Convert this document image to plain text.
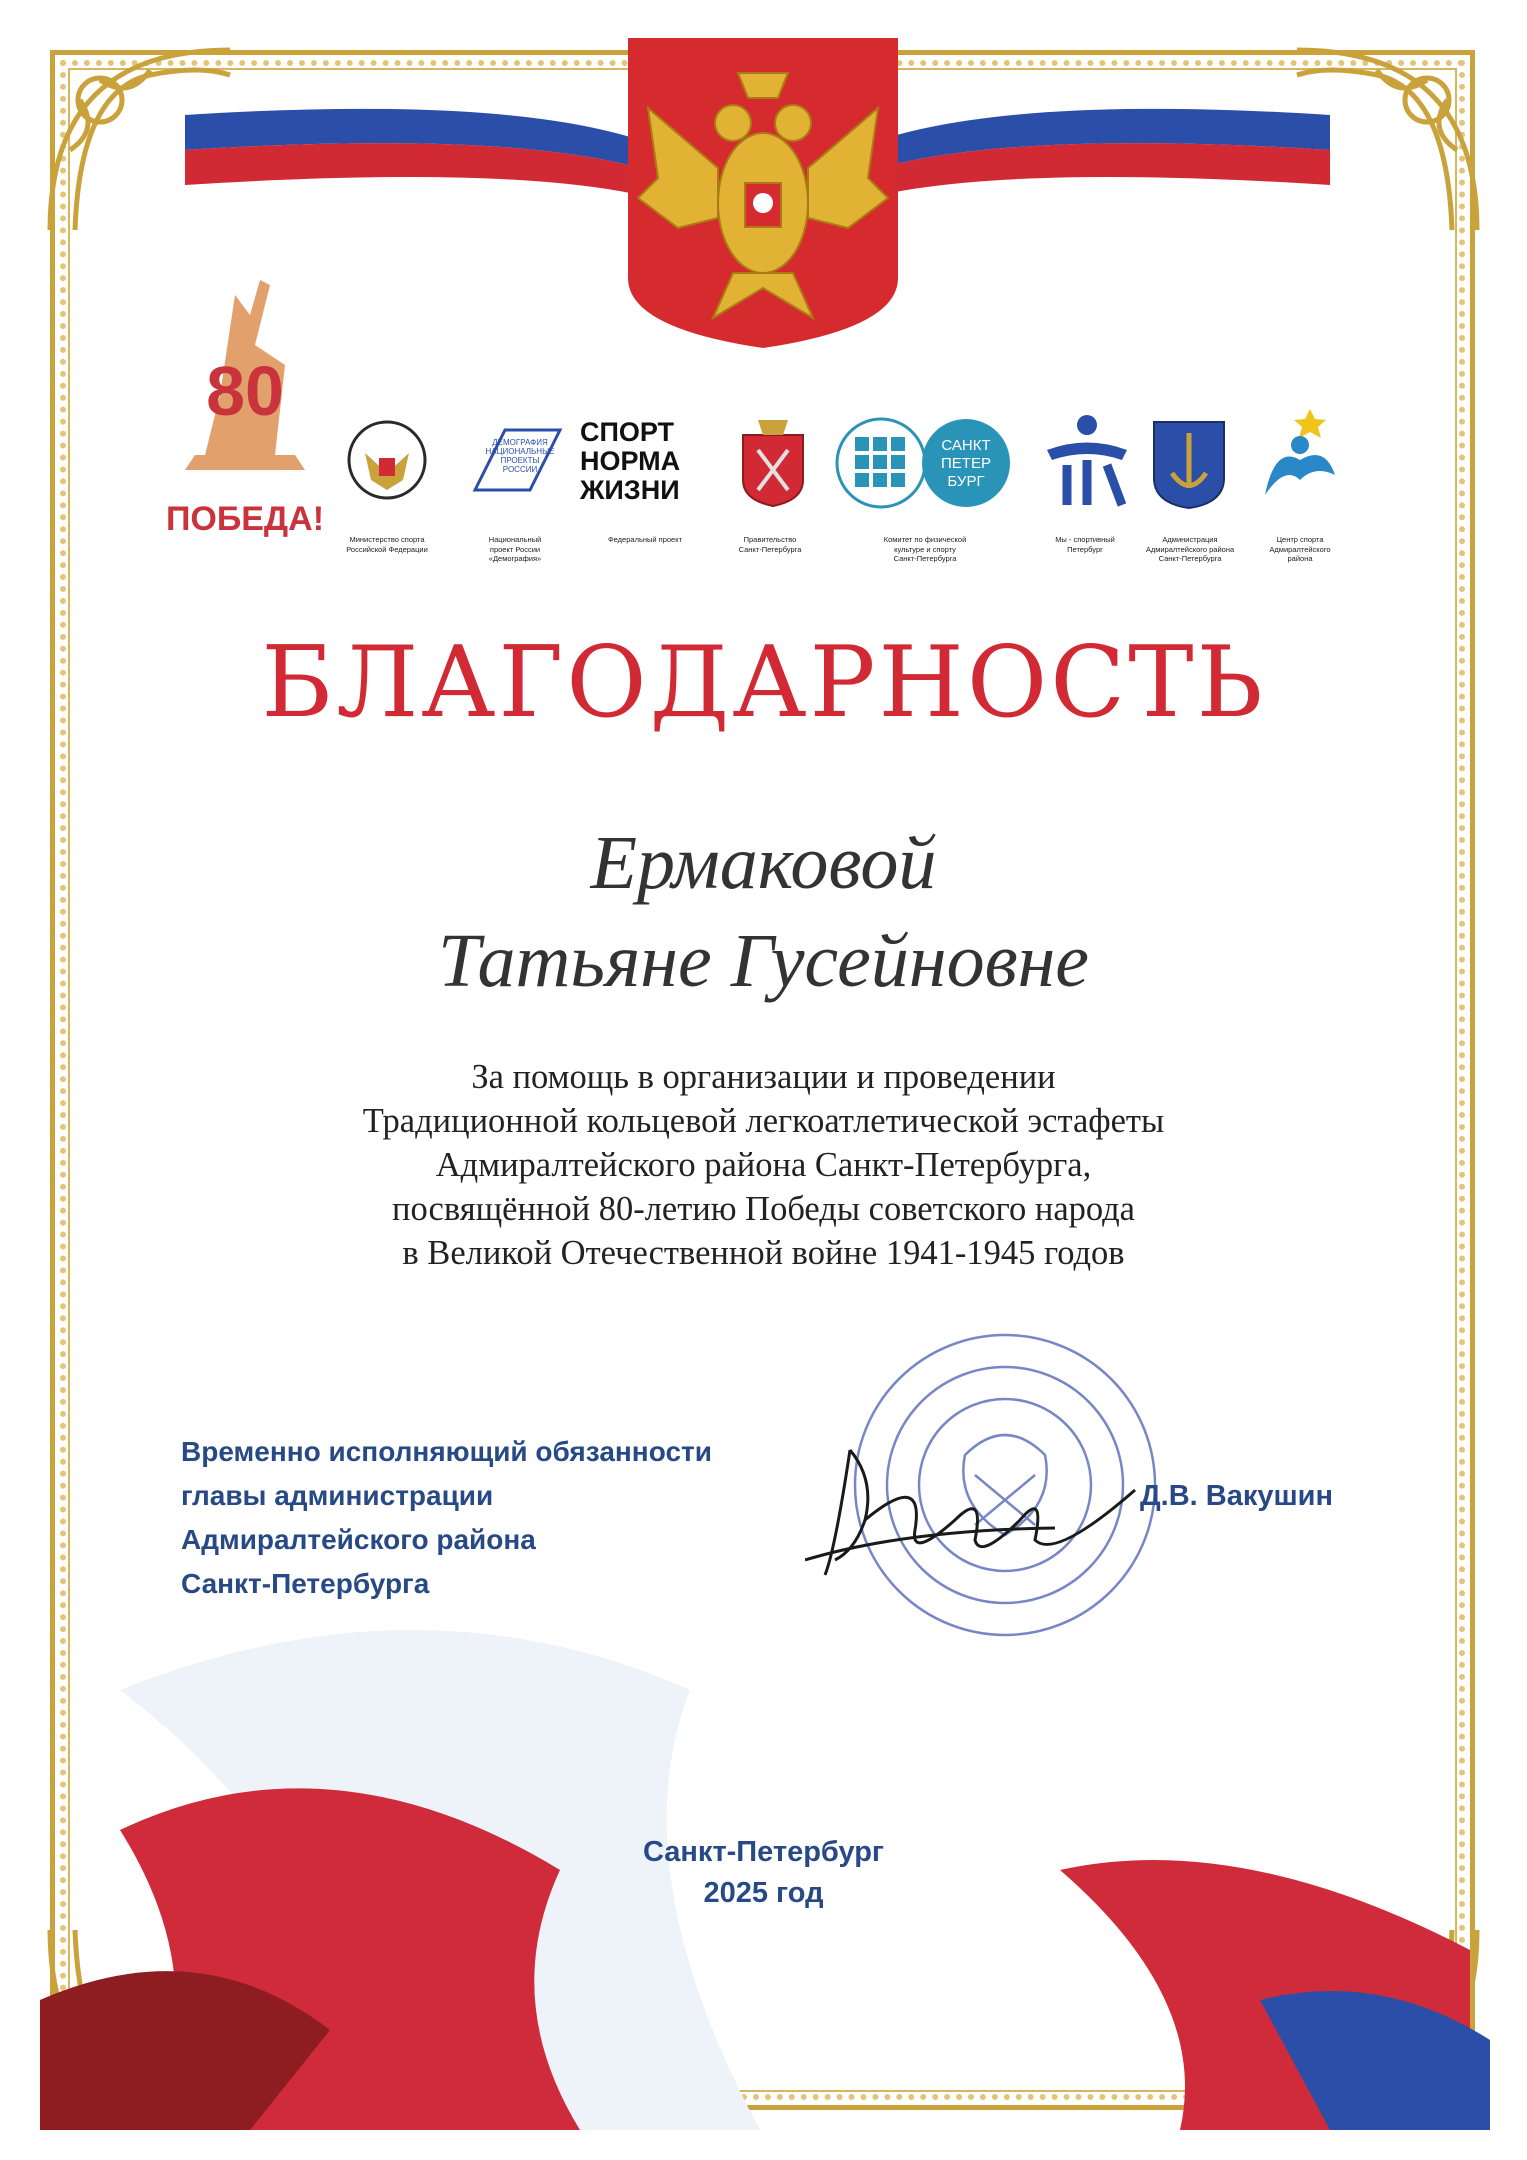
80
ПОБЕДА!
Министерство спорта
Российской Федерации
ДЕМОГРАФИЯ НАЦИОНАЛЬНЫЕ ПРОЕКТЫ РОССИИ
Национальный
проект России
«Демография»
СПОРТ
НОРМА
ЖИЗНИ
Федеральный проект	Правительство
Санкт-Петербурга
САНКТ
ПЕТЕР
БУРГ
Комитет по физической
культуре и спорту
Санкт-Петербурга
Мы - спортивный
Петербург
Администрация
Адмиралтейского района
Санкт-Петербурга
Центр спорта
Адмиралтейского
района
БЛАГОДАРНОСТЬ
Ермаковой
Татьяне Гусейновне
За помощь в организации и проведении
Традиционной кольцевой легкоатлетической эстафеты
Адмиралтейского района Санкт-Петербурга,
посвящённой 80-летию Победы советского народа
в Великой Отечественной войне 1941-1945 годов
Временно исполняющий обязанности
главы администрации
Адмиралтейского района
Санкт-Петербурга
Д.В. Вакушин
Санкт-Петербург
2025 год
